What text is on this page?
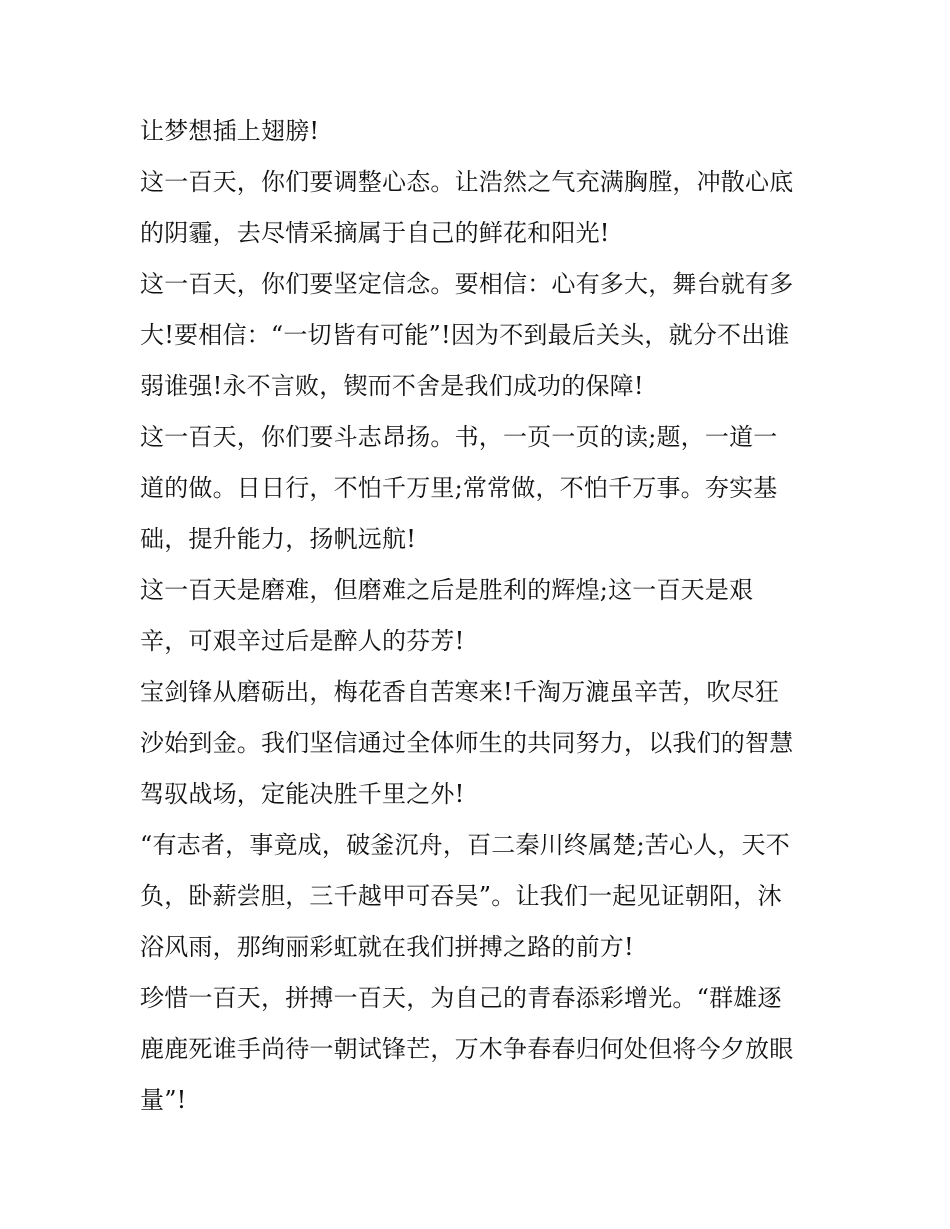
让梦想插上翅膀!
这一百天，你们要调整心态。让浩然之气充满胸膛，冲散心底
的阴霾，去尽情采摘属于自己的鲜花和阳光!
这一百天，你们要坚定信念。要相信：心有多大，舞台就有多
大!要相信：“一切皆有可能”!因为不到最后关头，就分不出谁
弱谁强!永不言败，锲而不舍是我们成功的保障!
这一百天，你们要斗志昂扬。书，一页一页的读;题，一道一
道的做。日日行，不怕千万里;常常做，不怕千万事。夯实基
础，提升能力，扬帆远航!
这一百天是磨难，但磨难之后是胜利的辉煌;这一百天是艰
辛，可艰辛过后是醉人的芬芳!
宝剑锋从磨砺出，梅花香自苦寒来!千淘万漉虽辛苦，吹尽狂
沙始到金。我们坚信通过全体师生的共同努力，以我们的智慧
驾驭战场，定能决胜千里之外!
“有志者，事竟成，破釜沉舟，百二秦川终属楚;苦心人，天不
负，卧薪尝胆，三千越甲可吞吴”。让我们一起见证朝阳，沐
浴风雨，那绚丽彩虹就在我们拼搏之路的前方!
珍惜一百天，拼搏一百天，为自己的青春添彩增光。“群雄逐
鹿鹿死谁手尚待一朝试锋芒，万木争春春归何处但将今夕放眼
量”!
